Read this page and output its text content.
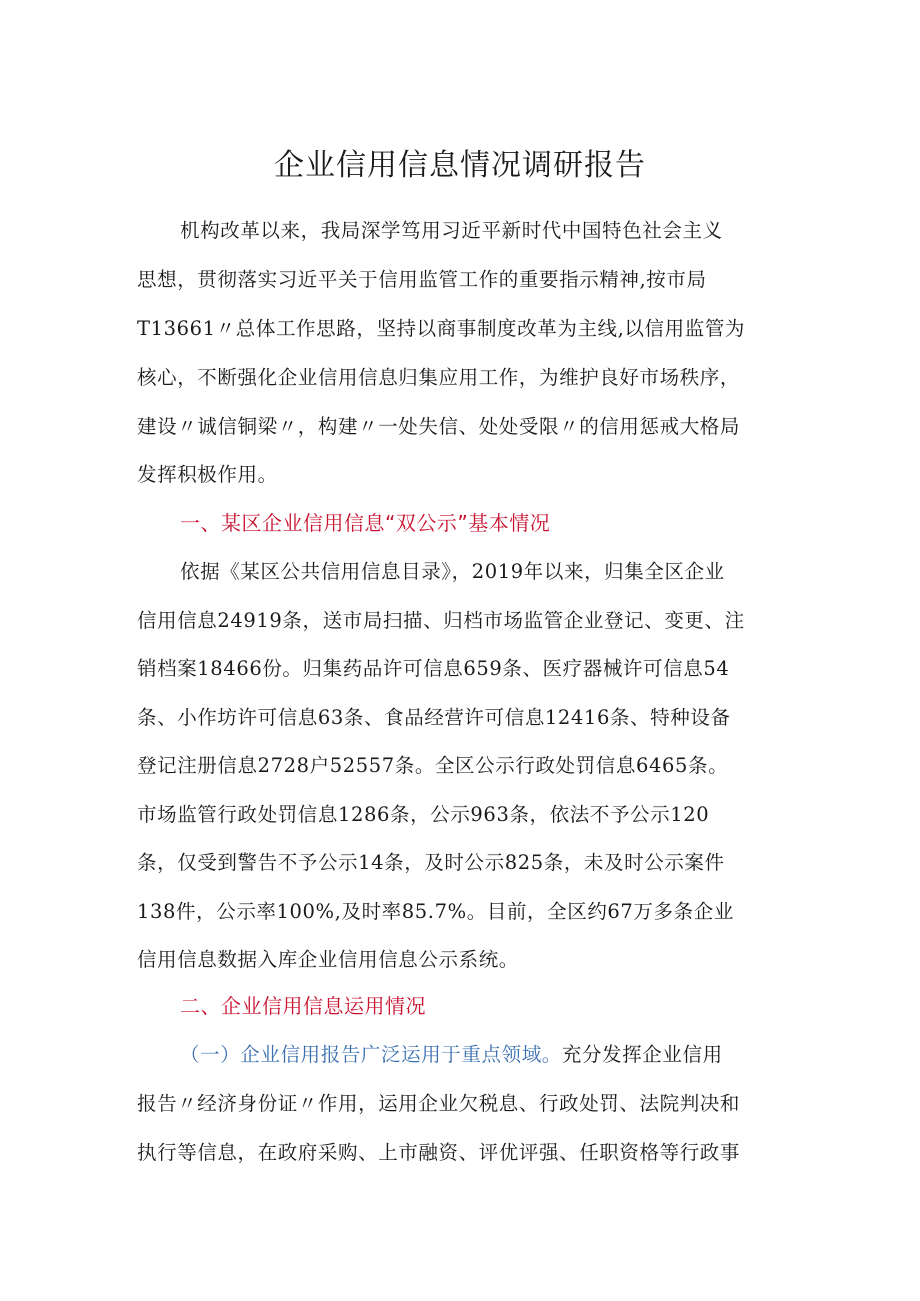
企业信用信息情况调研报告
机构改革以来，我局深学笃用习近平新时代中国特色社会主义
思想，贯彻落实习近平关于信用监管工作的重要指示精神,按市局
T13661〃总体工作思路，坚持以商事制度改革为主线,以信用监管为
核心，不断强化企业信用信息归集应用工作，为维护良好市场秩序，
建设〃诚信铜梁〃，构建〃一处失信、处处受限〃的信用惩戒大格局
发挥积极作用。
一、某区企业信用信息“双公示”基本情况
依据《某区公共信用信息目录》，2019年以来，归集全区企业
信用信息24919条，送市局扫描、归档市场监管企业登记、变更、注
销档案18466份。归集药品许可信息659条、医疗器械许可信息54
条、小作坊许可信息63条、食品经营许可信息12416条、特种设备
登记注册信息2728户52557条。全区公示行政处罚信息6465条。
市场监管行政处罚信息1286条，公示963条，依法不予公示120
条，仅受到警告不予公示14条，及时公示825条，未及时公示案件
138件，公示率100%,及时率85.7%。目前，全区约67万多条企业
信用信息数据入库企业信用信息公示系统。
二、企业信用信息运用情况
（一）企业信用报告广泛运用于重点领域。充分发挥企业信用
报告〃经济身份证〃作用，运用企业欠税息、行政处罚、法院判决和
执行等信息，在政府采购、上市融资、评优评强、任职资格等行政事
